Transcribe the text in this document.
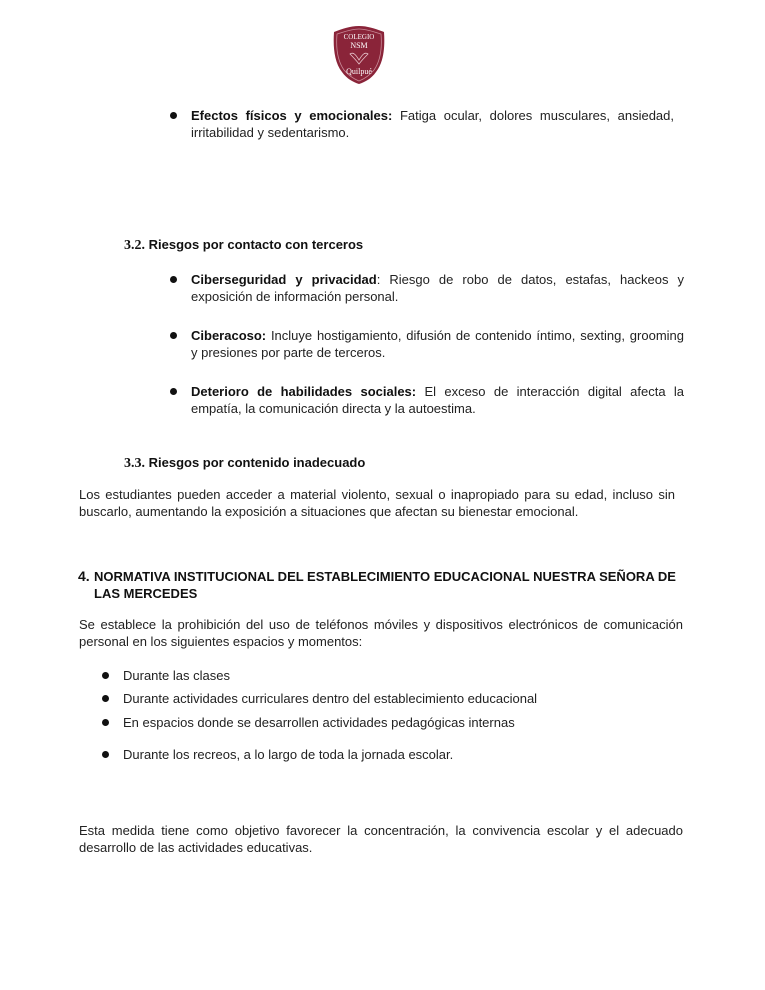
COLEGIO
NSM
Quilpué

Efectos físicos y emocionales: Fatiga ocular, dolores musculares, ansiedad, irritabilidad y sedentarismo.

3.2. Riesgos por contacto con terceros

Ciberseguridad y privacidad: Riesgo de robo de datos, estafas, hackeos y exposición de información personal.

Ciberacoso: Incluye hostigamiento, difusión de contenido íntimo, sexting, grooming y presiones por parte de terceros.

Deterioro de habilidades sociales: El exceso de interacción digital afecta la empatía, la comunicación directa y la autoestima.

3.3. Riesgos por contenido inadecuado

Los estudiantes pueden acceder a material violento, sexual o inapropiado para su edad, incluso sin buscarlo, aumentando la exposición a situaciones que afectan su bienestar emocional.

4. NORMATIVA INSTITUCIONAL DEL ESTABLECIMIENTO EDUCACIONAL NUESTRA SEÑORA DE LAS MERCEDES

Se establece la prohibición del uso de teléfonos móviles y dispositivos electrónicos de comunicación personal en los siguientes espacios y momentos:

Durante las clases

Durante actividades curriculares dentro del establecimiento educacional

En espacios donde se desarrollen actividades pedagógicas internas

Durante los recreos, a lo largo de toda la jornada escolar.

Esta medida tiene como objetivo favorecer la concentración, la convivencia escolar y el adecuado desarrollo de las actividades educativas.
